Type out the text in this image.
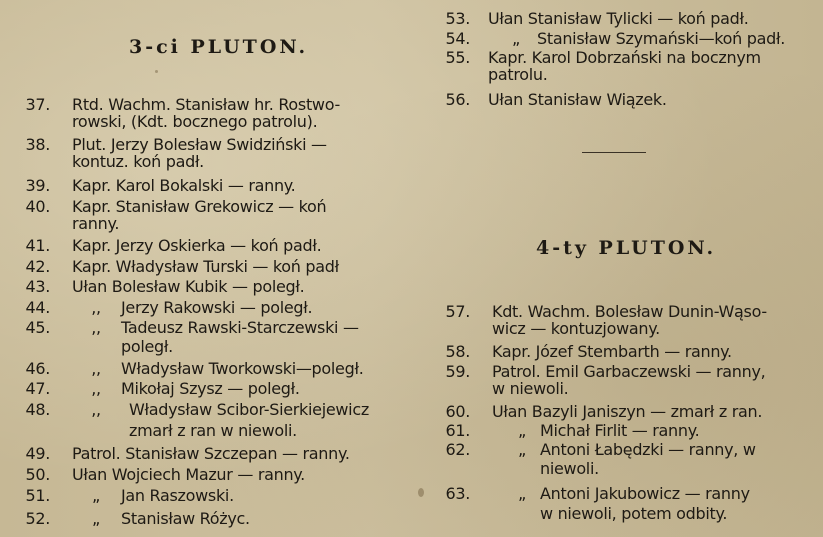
3-ci PLUTON.
37. Rtd. Wachm. Stanisław hr. Rostwo-
rowski, (Kdt. bocznego patrolu).
38. Plut. Jerzy Bolesław Swidziński —
kontuz. koń padł.
39. Kapr. Karol Bokalski — ranny.
40. Kapr. Stanisław Grekowicz — koń
ranny.
41. Kapr. Jerzy Oskierka — koń padł.
42. Kapr. Władysław Turski — koń padł
43. Ułan Bolesław Kubik — poległ.
44.	,, Jerzy Rakowski — poległ.
45.	,, Tadeusz Rawski-Starczewski —
poległ.
46.	,, Władysław Tworkowski—poległ.
47.	,, Mikołaj Szysz — poległ.
48.	,, Władysław Scibor-Sierkiejewicz
zmarł z ran w niewoli.
49. Patrol. Stanisław Szczepan — ranny.
50. Ułan Wojciech Mazur — ranny.
51.	„ Jan Raszowski.
52.	„ Stanisław Różyc.
53. Ułan Stanisław Tylicki — koń padł.
54.	„ Stanisław Szymański—koń padł.
55. Kapr. Karol Dobrzański na bocznym
patrolu.
56. Ułan Stanisław Wiązek.
4-ty PLUTON.
57. Kdt. Wachm. Bolesław Dunin-Wąso-
wicz — kontuzjowany.
58. Kapr. Józef Stembarth — ranny.
59. Patrol. Emil Garbaczewski — ranny,
w niewoli.
60. Ułan Bazyli Janiszyn — zmarł z ran.
61.	„ Michał Firlit — ranny.
62.	„ Antoni Łabędzki — ranny, w
niewoli.
63.	„ Antoni Jakubowicz — ranny
w niewoli, potem odbity.
